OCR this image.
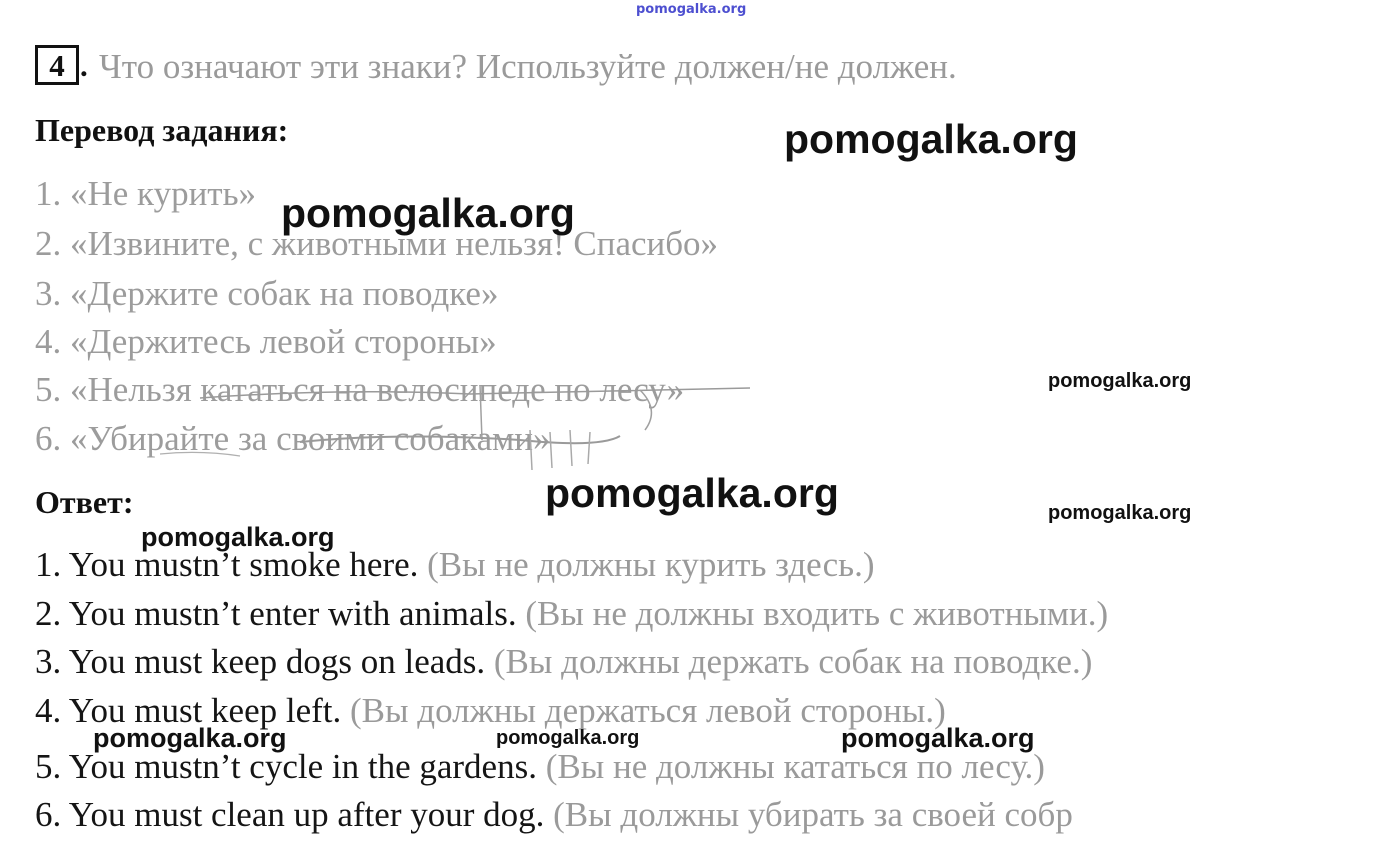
pomogalka.org
4 . Что означают эти знаки? Используйте должен/не должен.
Перевод задания:
1. «Не курить»
2. «Извините, с животными нельзя! Спасибо»
3. «Держите собак на поводке»
4. «Держитесь левой стороны»
5. «Нельзя кататься на велосипеде по лесу»
6. «Убирайте за своими собаками»
Ответ:
1. You mustn’t smoke here. (Вы не должны курить здесь.)
2. You mustn’t enter with animals. (Вы не должны входить с животными.)
3. You must keep dogs on leads. (Вы должны держать собак на поводке.)
4. You must keep left. (Вы должны держаться левой стороны.)
5. You mustn’t cycle in the gardens. (Вы не должны кататься по лесу.)
6. You must clean up after your dog. (Вы должны убирать за своей собр
pomogalka.org
pomogalka.org
pomogalka.org
pomogalka.org	pomogalka.org
pomogalka.org
pomogalka.org	pomogalka.org	pomogalka.org
